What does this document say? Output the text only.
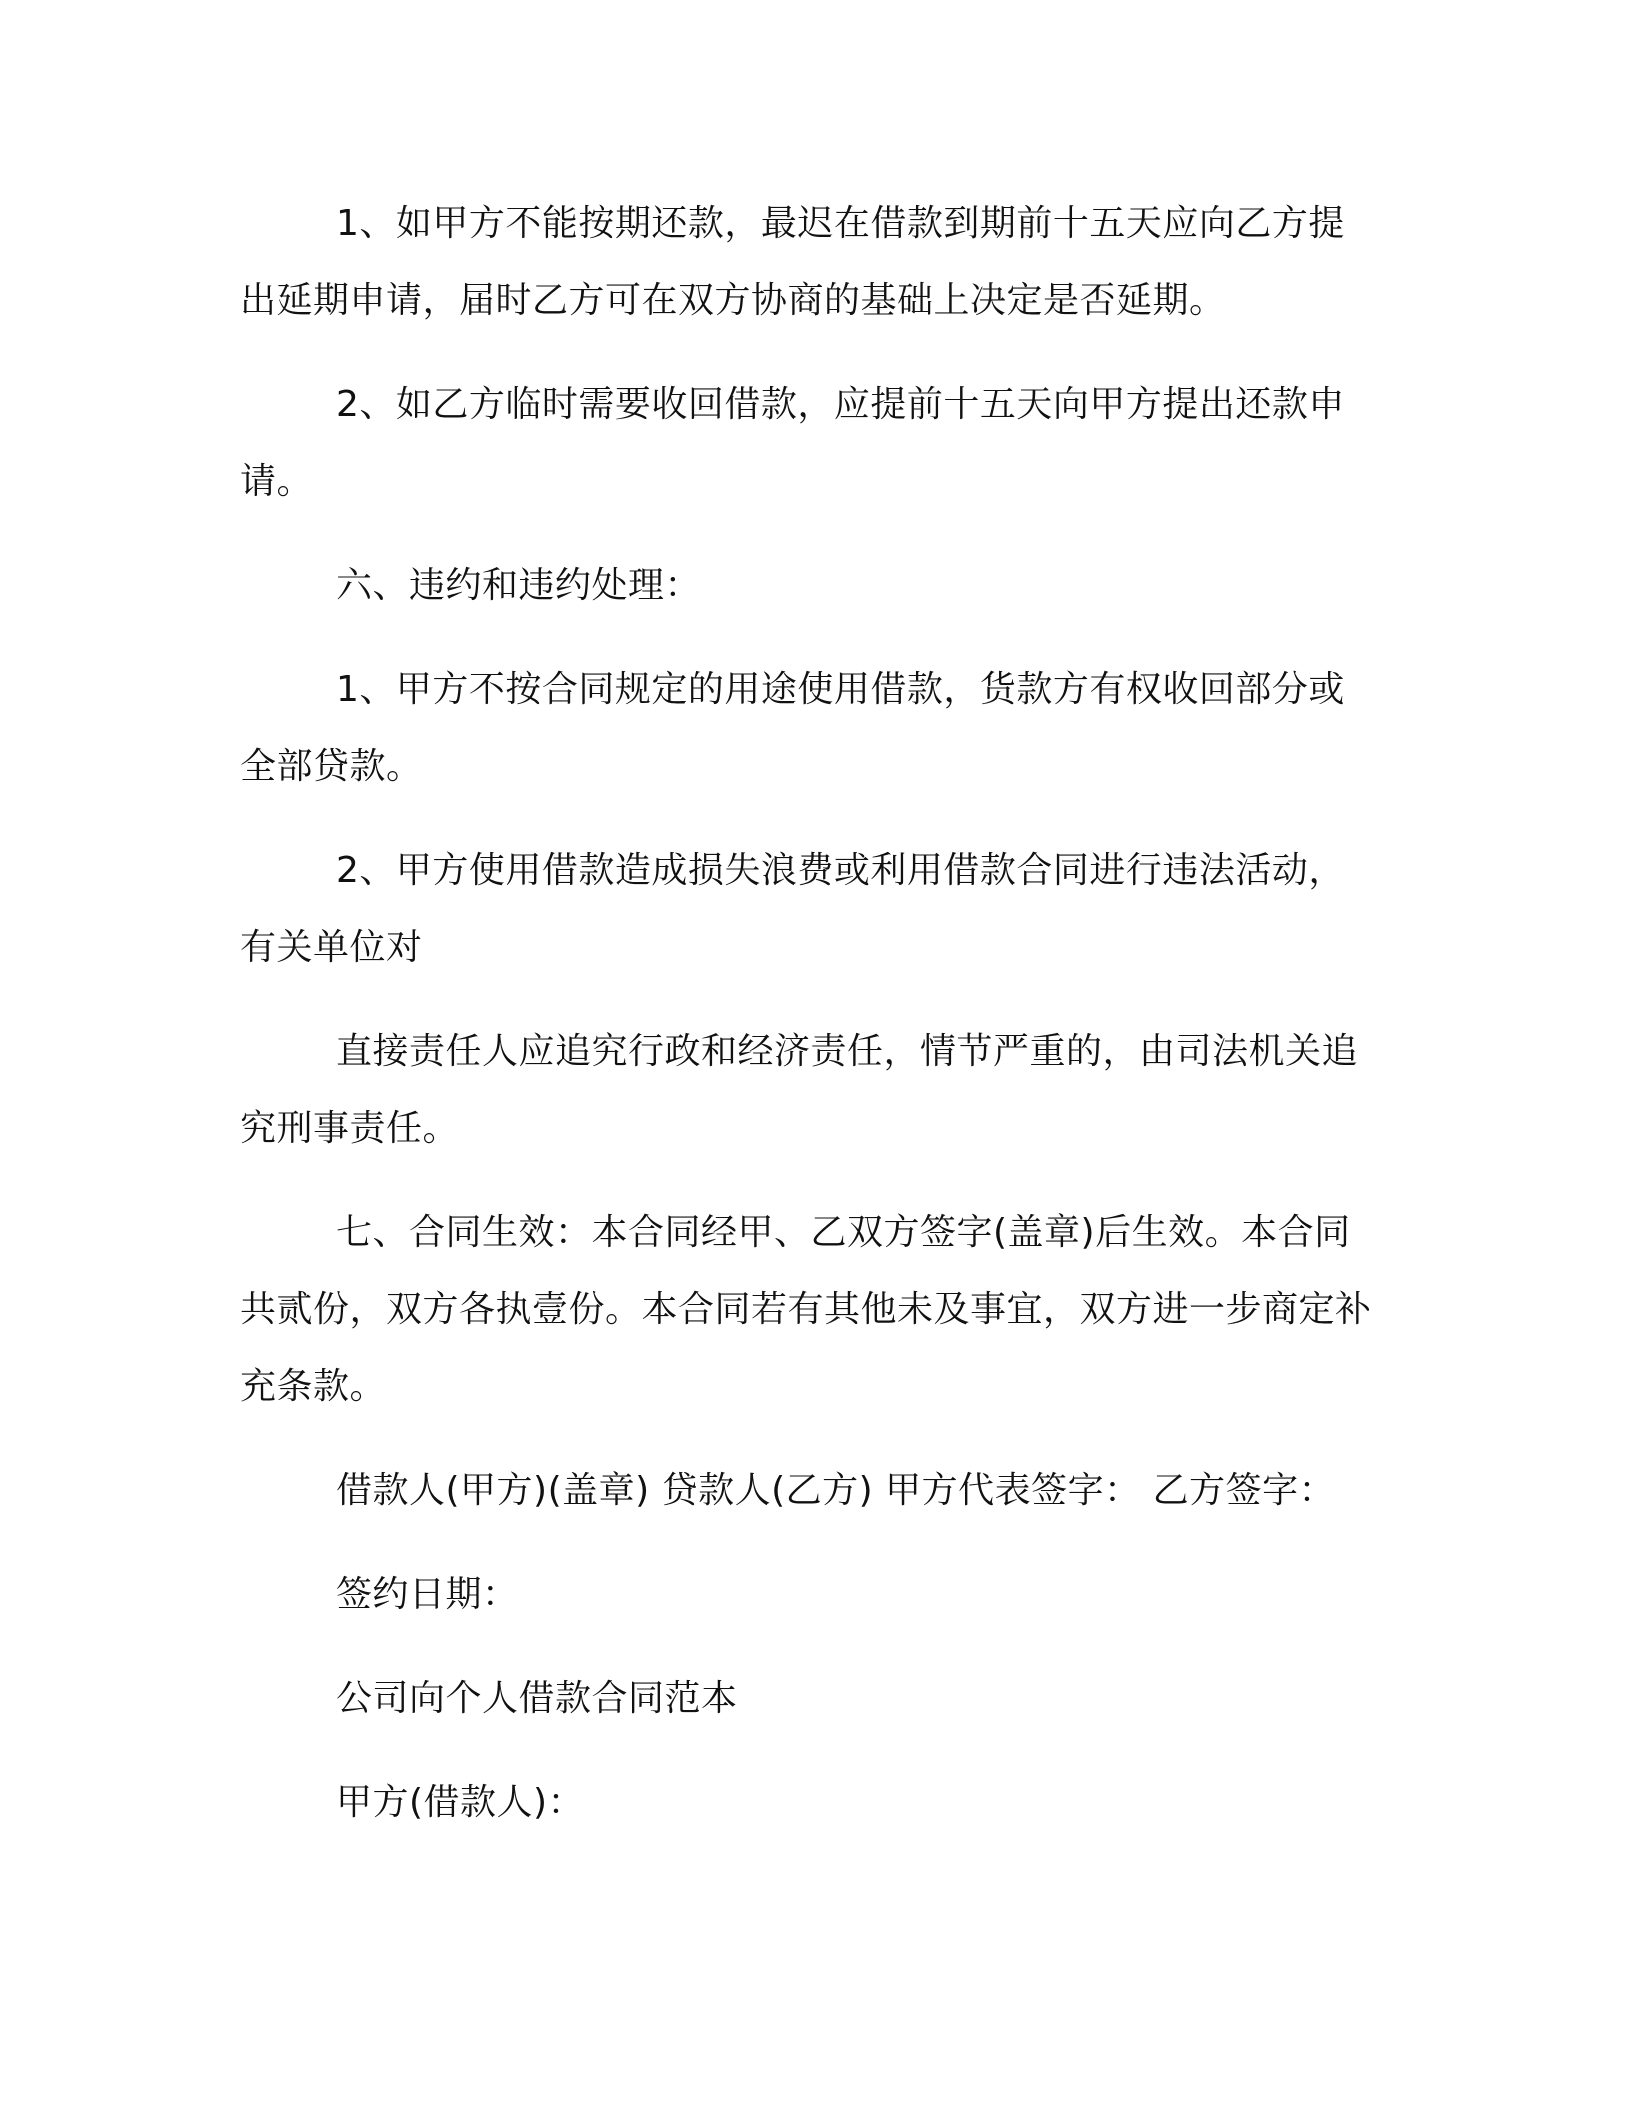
1、如甲方不能按期还款，最迟在借款到期前十五天应向乙方提出延期申请，届时乙方可在双方协商的基础上决定是否延期。

2、如乙方临时需要收回借款，应提前十五天向甲方提出还款申请。

六、违约和违约处理：

1、甲方不按合同规定的用途使用借款，货款方有权收回部分或全部贷款。

2、甲方使用借款造成损失浪费或利用借款合同进行违法活动，有关单位对

直接责任人应追究行政和经济责任，情节严重的，由司法机关追究刑事责任。

七、合同生效：本合同经甲、乙双方签字(盖章)后生效。本合同共贰份，双方各执壹份。本合同若有其他未及事宜，双方进一步商定补充条款。

借款人(甲方)(盖章) 贷款人(乙方) 甲方代表签字： 乙方签字：

签约日期：

公司向个人借款合同范本

甲方(借款人)：
